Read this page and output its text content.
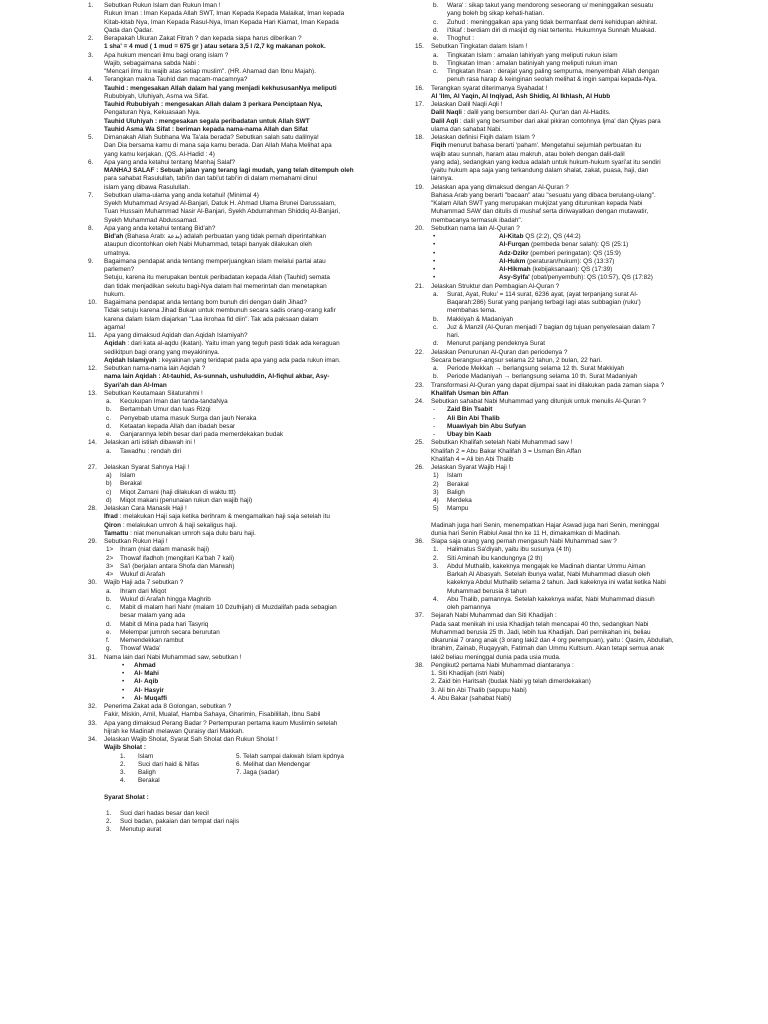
1. Sebutkan Rukun Islam dan Rukun Iman !

Rukun Iman : Iman Kepada Allah SWT, Iman Kepada Kepada Malaikat, Iman kepada

Kitab-kitab Nya, Iman Kepada Rasul-Nya, Iman Kepada Hari Kiamat, Iman Kepada

Qada dan Qadar.

2. Berapakah Ukuran Zakat Fitrah ? dan kepada siapa harus diberikan ?

1 sha' = 4 mud ( 1 mud = 675 gr ) atau setara 3,5 l /2,7 kg makanan pokok.

3. Apa hukum mencari ilmu bagi orang islam ?

Wajib, sebagaimana sabda Nabi :

"Mencari ilmu itu wajib atas setiap muslim". (HR. Ahamad dan Ibnu Majah).

4. Terangkan makna Tauhid dan macam-macamnya?

Tauhid : mengesakan Allah dalam hal yang menjadi kekhususanNya meliputi

Rububiyah, Uluhiyah, Asma wa Sifat.

Tauhid Rububiyah : mengesakan Allah dalam 3 perkara Penciptaan Nya,

Pengaturan Nya, Kekuasaan Nya.

Tauhid Uluhiyah : mengesakan segala peribadatan untuk Allah SWT

Tauhid Asma Wa Sifat : beriman kepada nama-nama Allah dan Sifat

5. Dimanakah Allah Subhana Wa Ta'ala berada? Sebutkan salah satu dalilnya!

Dan Dia bersama kamu di mana saja kamu berada. Dan Allah Maha Melihat apa

yang kamu kerjakan. (QS. Al-Hadid : 4)

6. Apa yang anda ketahui tentang Manhaj Salaf?

MANHAJ SALAF : Sebuah jalan yang terang lagi mudah, yang telah ditempuh oleh

para sahabat Rasulullah, tabi'in dan tabi'ut tabi'in di dalam memahami dinul

islam yang dibawa Rasulullah.

7. Sebutkan ulama-ulama yang anda ketahui! (Minimal 4)

Syekh Muhammad Arsyad Al-Banjari, Datuk H. Ahmad Ulama Brunei Darussalam,

Tuan Hussain Muhammad Nasir Al-Banjari, Syekh Abdurrahman Shiddiq Al-Banjari,

Syekh Muhammad Abdussamad.

8. Apa yang anda ketahui tentang Bid'ah?

Bid'ah (Bahasa Arab: بدعة) adalah perbuatan yang tidak pernah diperintahkan

ataupun dicontohkan oleh Nabi Muhammad, tetapi banyak dilakukan oleh

umatnya.

9. Bagaimana pendapat anda tentang memperjuangkan islam melalui partai atau

parlemen?

Setuju, karena itu merupakan bentuk peribadatan kepada Allah (Tauhid) semata

dan tidak menjadikan sekutu bagi-Nya dalam hal memerintah dan menetapkan

hukum.

10. Bagaimana pendapat anda tentang bom bunuh diri dengan dalih Jihad?

Tidak setuju karena Jihad Bukan untuk membunuh secara sadis orang-orang kafir

karena dalam Islam diajarkan "Laa ikrohaa fid diin". Tak ada paksaan dalam

agama!

11. Apa yang dimaksud Aqidah dan Aqidah Islamiyah?

Aqidah : dari kata al-aqdu (ikatan). Yaitu iman yang teguh pasti tidak ada keraguan

sedikitpun bagi orang yang meyakininya.

Aqidah Islamiyah : keyakinan yang teridapat pada apa yang ada pada rukun iman.

12. Sebutkan nama-nama lain Aqidah ?

nama lain Aqidah : At-tauhid, As-sunnah, ushuluddin, Al-fiqhul akbar, Asy-

Syari'ah dan Al-Iman

13. Sebutkan Keutamaan Silaturahmi !

a. Kecukupan Iman dan tanda-tandaNya

b. Bertambah Umur dan luas Rizqi

c. Penyebab utama masuk Surga dan jauh Neraka

d. Ketaatan kepada Allah dan ibadah besar

e. Ganjarannya lebih besar dari pada memerdekakan budak

14. Jelaskan arti istilah dibawah ini !

a. Tawadhu : rendah diri

27. Jelaskan Syarat Sahnya Haji !

a) Islam

b) Berakal

c) Miqot Zamani (haji dilakukan di waktu ttt)

d) Miqot makani (penunaian rukun dan wajib haji)

28. Jelaskan Cara Manasik Haji !

Ifrad : melakukan Haji saja ketika berihram & mengamalkan haji saja setelah itu

Qiron : melakukan umroh & haji sekaligus haji.

Tamattu : niat menunaikan umroh saja dulu baru haji.

29. Sebutkan Rukun Haji !

1> Ihram (niat dalam manasik haji)

2> Thowaf ifadhoh (mengitari Ka'bah 7 kali)

3> Sa'i (berjalan antara Shofa dan Marwah)

4> Wukuf di Arafah

30. Wajib Haji ada 7 sebutkan ?

a. Ihram dari Miqot

b. Wukuf di Arafah hingga Maghrib

c. Mabit di malam hari Nahr (malam 10 Dzulhijah) di Muzdalifah pada sebagian

besar malam yang ada

d. Mabit di Mina pada hari Tasyriq

e. Melempar jumroh secara berurutan

f. Memendekkan rambut

g. Thowaf Wada'

31. Nama lain dari Nabi Muhammad saw, sebutkan !

• Ahmad

• Al- Mahi

• Al- Aqib

• Al- Hasyir

• Al- Muqaffi

32. Penerima Zakat ada 8 Golongan, sebutkan ?

Fakir, Miskin, Amil, Mualaf, Hamba Sahaya, Gharimin, Fisabilillah, Ibnu Sabil

33. Apa yang dimaksud Perang Badar ? Pertempuran pertama kaum Muslimin setelah

hijrah ke Madinah melawan Quraisy dari Makkah.

34. Jelaskan Wajib Sholat, Syarat Sah Sholat dan Rukun Sholat !

Wajib Sholat :

1.	Islam	5. Telah sampai dakwah Islam kpdnya
2.	Suci dari haid & Nifas	6. Melihat dan Mendengar
3.	Baligh	7. Jaga (sadar)
4.	Berakal

Syarat Sholat :

1. Suci dari hadas besar dan kecil

2. Suci badan, pakaian dan tempat dari najis

3. Menutup aurat

b. Wara' : sikap takut yang mendorong seseorang u/ meninggalkan sesuatu

yang boleh bg sikap kehati-hatian.

c. Zuhud : meninggalkan apa yang tidak bermanfaat demi kehidupan akhirat.

d. I'tikaf : berdiam diri di masjid dg niat tertentu. Hukumnya Sunnah Muakad.

e. Thoghut :

15. Sebutkan Tingkatan dalam Islam !

a. Tingkatan Islam : amalan lahiriyah yang meliputi rukun islam

b. Tingkatan Iman : amalan batiniyah yang meliputi rukun iman

c. Tingkatan Ihsan : derajat yang paling sempurna, menyembah Allah dengan

penuh rasa harap & keinginan seolah melihat & ingin sampai kepada-Nya.

16. Terangkan syarat diterimanya Syahadat !

Al 'Ilm, Al Yaqin, Al Inqiyad, Ash Shidiq, Al Ikhlash, Al Hubb

17. Jelaskan Dalil Naqli Aqli !

Dalil Naqli : dalil yang bersumber dari Al- Qur'an dan Al-Hadits.

Dalil Aqli : dalil yang bersumber dari akal pikiran contohnya Ijma' dan Qiyas para

ulama dan sahabat Nabi.

18. Jelaskan definisi Fiqih dalam Islam ?

Fiqih menurut bahasa berarti 'paham'. Mengetahui sejumlah perbuatan itu

wajib atau sunnah, haram atau makruh, atau boleh dengan dalil-dalil

yang ada), sedangkan yang kedua adalah untuk hukum-hukum syari'at itu sendiri

(yaitu hukum apa saja yang terkandung dalam shalat, zakat, puasa, haji, dan

lainnya.

19. Jelaskan apa yang dimaksud dengan Al-Quran ?

Bahasa Arab yang berarti "bacaan" atau "sesuatu yang dibaca berulang-ulang".

"Kalam Allah SWT yang merupakan mukjizat yang diturunkan kepada Nabi

Muhammad SAW dan ditulis di mushaf serta diriwayatkan dengan mutawatir,

membacanya termasuk ibadah".

20. Sebutkan nama lain Al-Quran ?

•	Al-Kitab QS (2:2), QS (44:2)

•	Al-Furqan (pembeda benar salah): QS (25:1)

•	Adz-Dzikr (pemberi peringatan): QS (15:9)

•	Al-Hukm (peraturan/hukum): QS (13:37)

•	Al-Hikmah (kebijaksanaan): QS (17:39)

•	Asy-Syifa' (obat/penyembuh): QS (10:57), QS (17:82)

21. Jelaskan Struktur dan Pembagian Al-Quran ?

a. Surat, Ayat, Ruku' = 114 surat, 6236 ayat, (ayat terpanjang surat Al-

Baqarah:286) Surat yang panjang terbagi lagi atas subbagian (ruku')

membahas tema.

b. Makkiyah & Madaniyah

c. Juz & Manzil (Al-Quran menjadi 7 bagian dg tujuan penyelesaian dalam 7

hari.

d. Menurut panjang pendeknya Surat

22. Jelaskan Penurunan Al-Quran dan periodenya ?

Secara berangsur-angsur selama 22 tahun, 2 bulan, 22 hari.

a. Periode Mekkah → berlangsung selama 12 th. Surat Makkiyah

b. Periode Madaniyah → berlangsung selama 10 th. Surat Madaniyah

23. Transformasi Al-Quran yang dapat dijumpai saat ini dilakukan pada zaman siapa ?

Khalifah Usman bin Affan

24. Sebutkan sahabat Nabi Muhammad yang ditunjuk untuk menulis Al-Quran ?

- Zaid Bin Tsabit

- Ali Bin Abi Thalib

- Muawiyah bin Abu Sufyan

- Ubay bin Kaab

25. Sebutkan Khalifah setelah Nabi Muhammad saw !

Khalifah 2 = Abu Bakar Khalifah 3 = Usman Bin Affan

Khalifah 4 = Ali bin Abi Thalib

26. Jelaskan Syarat Wajib Haji !

1) Islam

2) Berakal

3) Baligh

4) Merdeka

5) Mampu

Madinah juga hari Senin, menempatkan Hajar Aswad juga hari Senin, meninggal

dunia hari Senin Rabiul Awal thn ke 11 H, dimakamkan di Madinah.

36. Siapa saja orang yang pernah mengasuh Nabi Muhammad saw ?

1. Halimatus Sa'diyah, yaitu ibu susunya (4 th)

2. Siti Aminah ibu kandungnya (2 th)

3. Abdul Muthalib, kakeknya mengajak ke Madinah diantar Ummu Aiman

Barkah Al Abasyah. Setelah ibunya wafat, Nabi Muhammad diasuh oleh

kakeknya Abdul Muthalib selama 2 tahun. Jadi kakeknya ini wafat ketika Nabi

Muhammad berusia 8 tahun

4. Abu Thalib, pamannya. Setelah kakeknya wafat, Nabi Muhammad diasuh

oleh pamannya

37. Sejarah Nabi Muhammad dan Siti Khadijah :

Pada saat menikah ini usia Khadijah telah mencapai 40 thn, sedangkan Nabi

Muhammad berusia 25 th. Jadi, lebih tua Khadijah. Dari pernikahan ini, beliau

dikaruniai 7 orang anak (3 orang laki2 dan 4 org perempuan), yaitu : Qasim, Abdullah,

Ibrahim, Zainab, Ruqayyah, Fatimah dan Ummu Kultsum. Akan tetapi semua anak

laki2 beliau meninggal dunia pada usia muda.

38. Pengikut2 pertama Nabi Muhammad diantaranya :

1. Siti Khadijah (istri Nabi)

2. Zaid bin Haritsah (budak Nabi yg telah dimerdekakan)

3. Ali bin Abi Thalib (sepupu Nabi)

4. Abu Bakar (sahabat Nabi)
